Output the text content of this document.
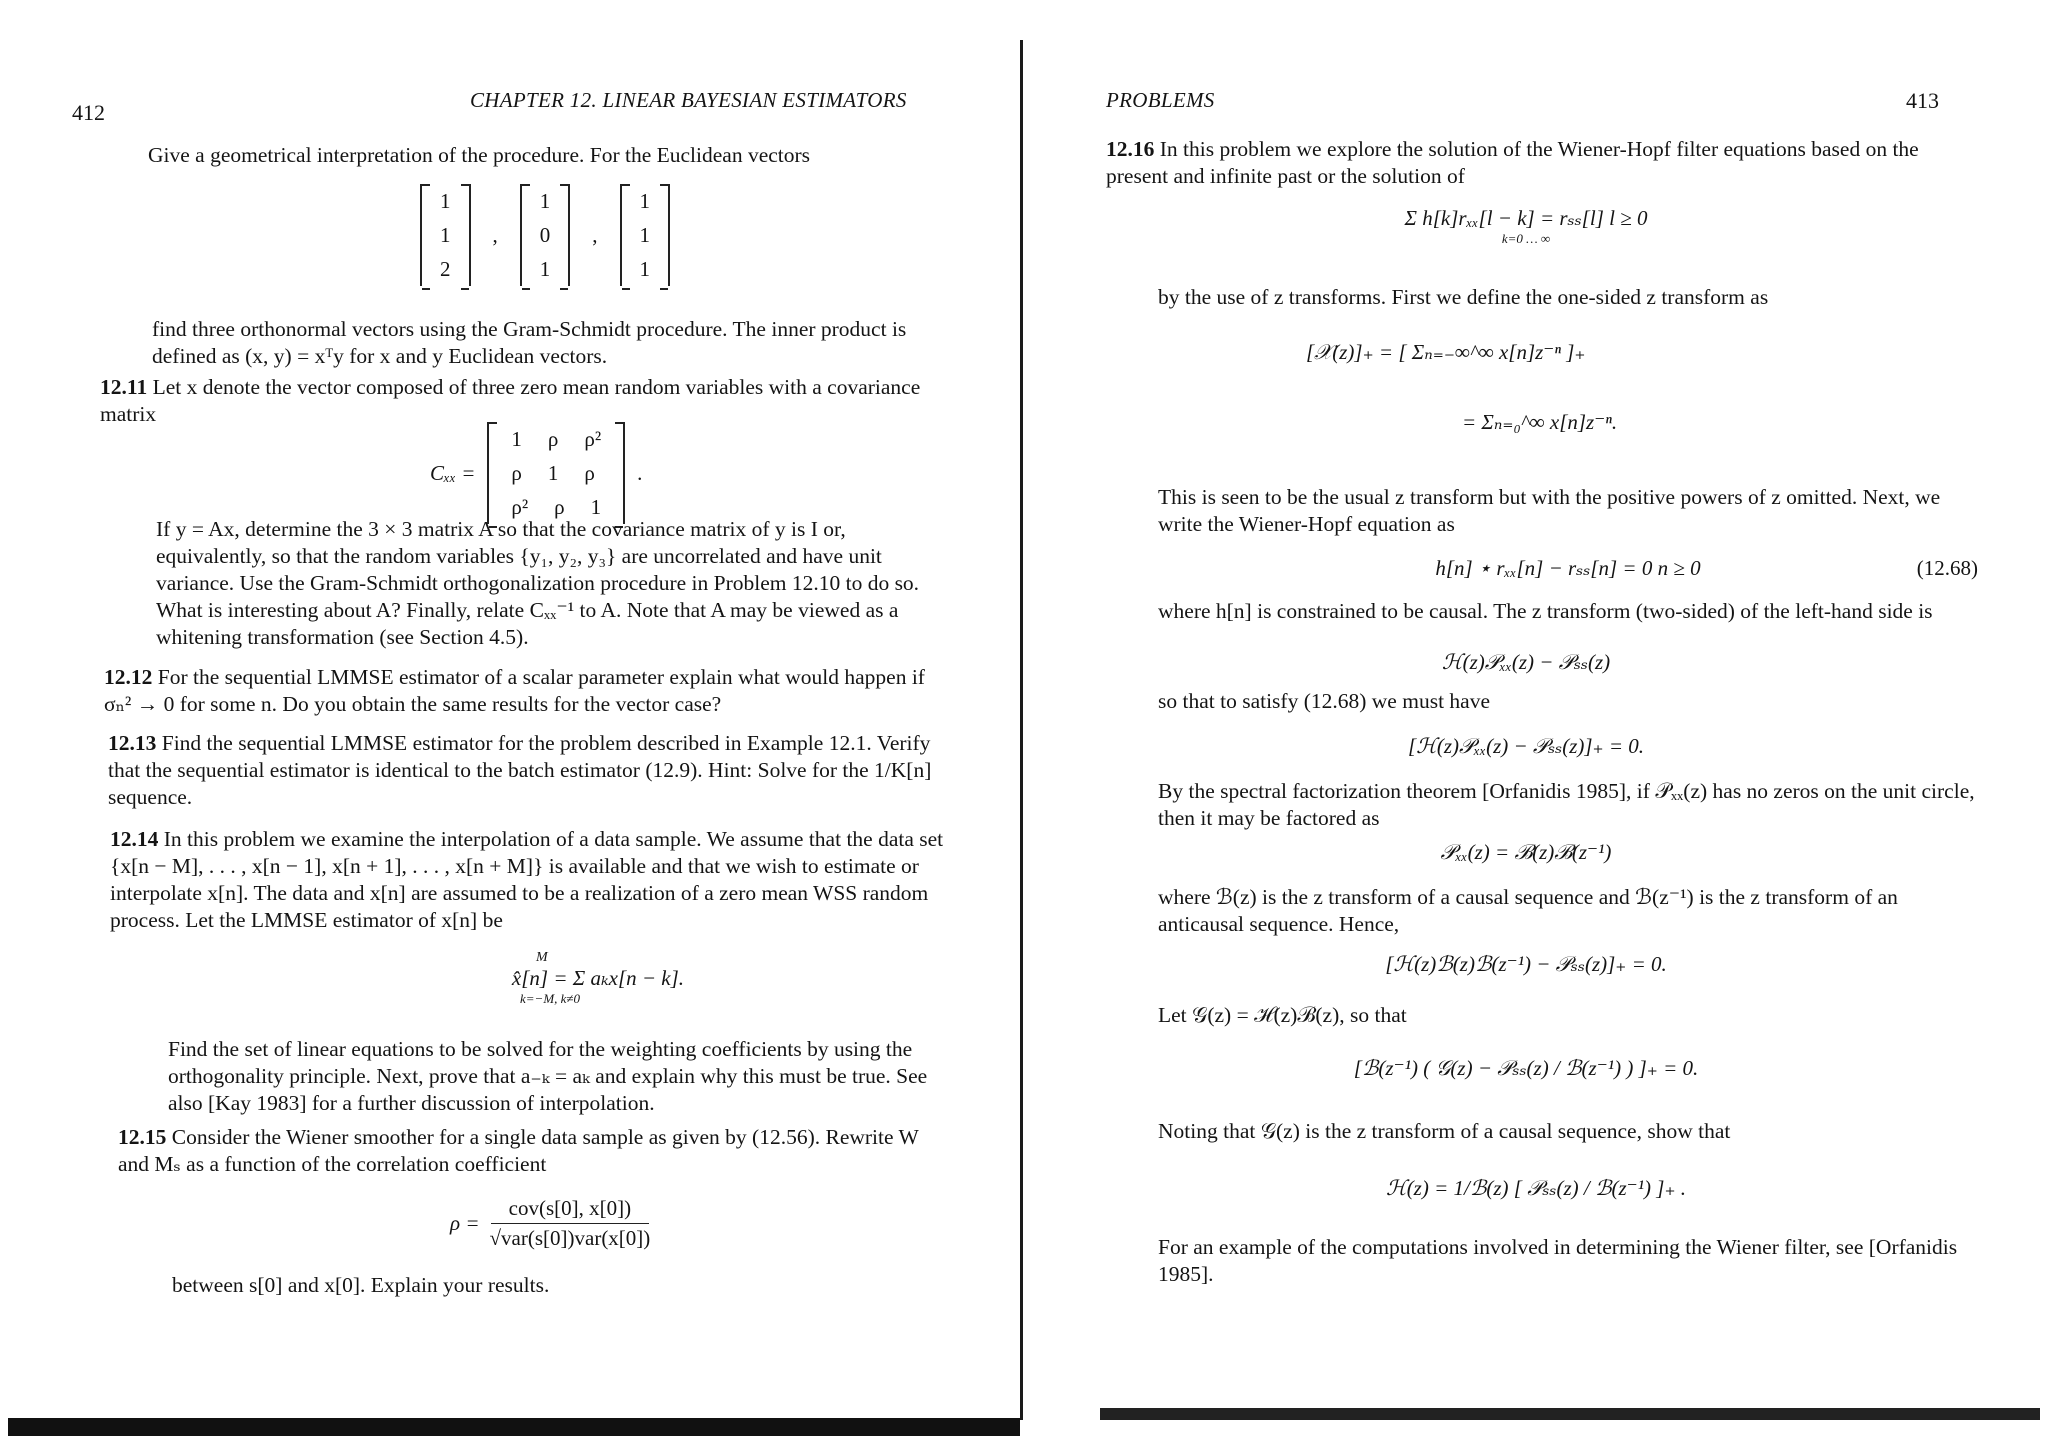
412	CHAPTER 12. LINEAR BAYESIAN ESTIMATORS
Give a geometrical interpretation of the procedure. For the Euclidean vectors
1
1
2
,
1
0
1
,
1
1
1
find three orthonormal vectors using the Gram-Schmidt procedure. The inner product is defined as (x, y) = xᵀy for x and y Euclidean vectors.
12.11 Let x denote the vector composed of three zero mean random variables with a covariance matrix
Cₓₓ =
1 ρ ρ²
ρ 1 ρ
ρ² ρ 1
.
If y = Ax, determine the 3 × 3 matrix A so that the covariance matrix of y is I or, equivalently, so that the random variables {y₁, y₂, y₃} are uncorrelated and have unit variance. Use the Gram-Schmidt orthogonalization procedure in Problem 12.10 to do so. What is interesting about A? Finally, relate Cₓₓ⁻¹ to A. Note that A may be viewed as a whitening transformation (see Section 4.5).
12.12 For the sequential LMMSE estimator of a scalar parameter explain what would happen if σₙ² → 0 for some n. Do you obtain the same results for the vector case?
12.13 Find the sequential LMMSE estimator for the problem described in Example 12.1. Verify that the sequential estimator is identical to the batch estimator (12.9). Hint: Solve for the 1/K[n] sequence.
12.14 In this problem we examine the interpolation of a data sample. We assume that the data set {x[n − M], . . . , x[n − 1], x[n + 1], . . . , x[n + M]} is available and that we wish to estimate or interpolate x[n]. The data and x[n] are assumed to be a realization of a zero mean WSS random process. Let the LMMSE estimator of x[n] be
M
x̂[n] = Σ aₖx[n − k].
k=−M, k≠0
Find the set of linear equations to be solved for the weighting coefficients by using the orthogonality principle. Next, prove that a₋ₖ = aₖ and explain why this must be true. See also [Kay 1983] for a further discussion of interpolation.
12.15 Consider the Wiener smoother for a single data sample as given by (12.56). Rewrite W and Mₛ as a function of the correlation coefficient
ρ =
cov(s[0], x[0])
√var(s[0])var(x[0])
between s[0] and x[0]. Explain your results.
PROBLEMS	413
12.16 In this problem we explore the solution of the Wiener-Hopf filter equations based on the present and infinite past or the solution of
Σ h[k]rₓₓ[l − k] = rₛₛ[l] l ≥ 0
k=0 … ∞
by the use of z transforms. First we define the one-sided z transform as
[𝒳(z)]₊ = [ Σₙ₌₋∞^∞ x[n]z⁻ⁿ ]₊
= Σₙ₌₀^∞ x[n]z⁻ⁿ.
This is seen to be the usual z transform but with the positive powers of z omitted. Next, we write the Wiener-Hopf equation as
h[n] ⋆ rₓₓ[n] − rₛₛ[n] = 0 n ≥ 0	(12.68)
where h[n] is constrained to be causal. The z transform (two-sided) of the left-hand side is
ℋ(z)𝒫ₓₓ(z) − 𝒫ₛₛ(z)
so that to satisfy (12.68) we must have
[ℋ(z)𝒫ₓₓ(z) − 𝒫ₛₛ(z)]₊ = 0.
By the spectral factorization theorem [Orfanidis 1985], if 𝒫ₓₓ(z) has no zeros on the unit circle, then it may be factored as
𝒫ₓₓ(z) = ℬ(z)ℬ(z⁻¹)
where ℬ(z) is the z transform of a causal sequence and ℬ(z⁻¹) is the z transform of an anticausal sequence. Hence,
[ℋ(z)ℬ(z)ℬ(z⁻¹) − 𝒫ₛₛ(z)]₊ = 0.
Let 𝒢(z) = ℋ(z)ℬ(z), so that
[ℬ(z⁻¹) ( 𝒢(z) − 𝒫ₛₛ(z) / ℬ(z⁻¹) ) ]₊ = 0.
Noting that 𝒢(z) is the z transform of a causal sequence, show that
ℋ(z) = 1/ℬ(z) [ 𝒫ₛₛ(z) / ℬ(z⁻¹) ]₊ .
For an example of the computations involved in determining the Wiener filter, see [Orfanidis 1985].
